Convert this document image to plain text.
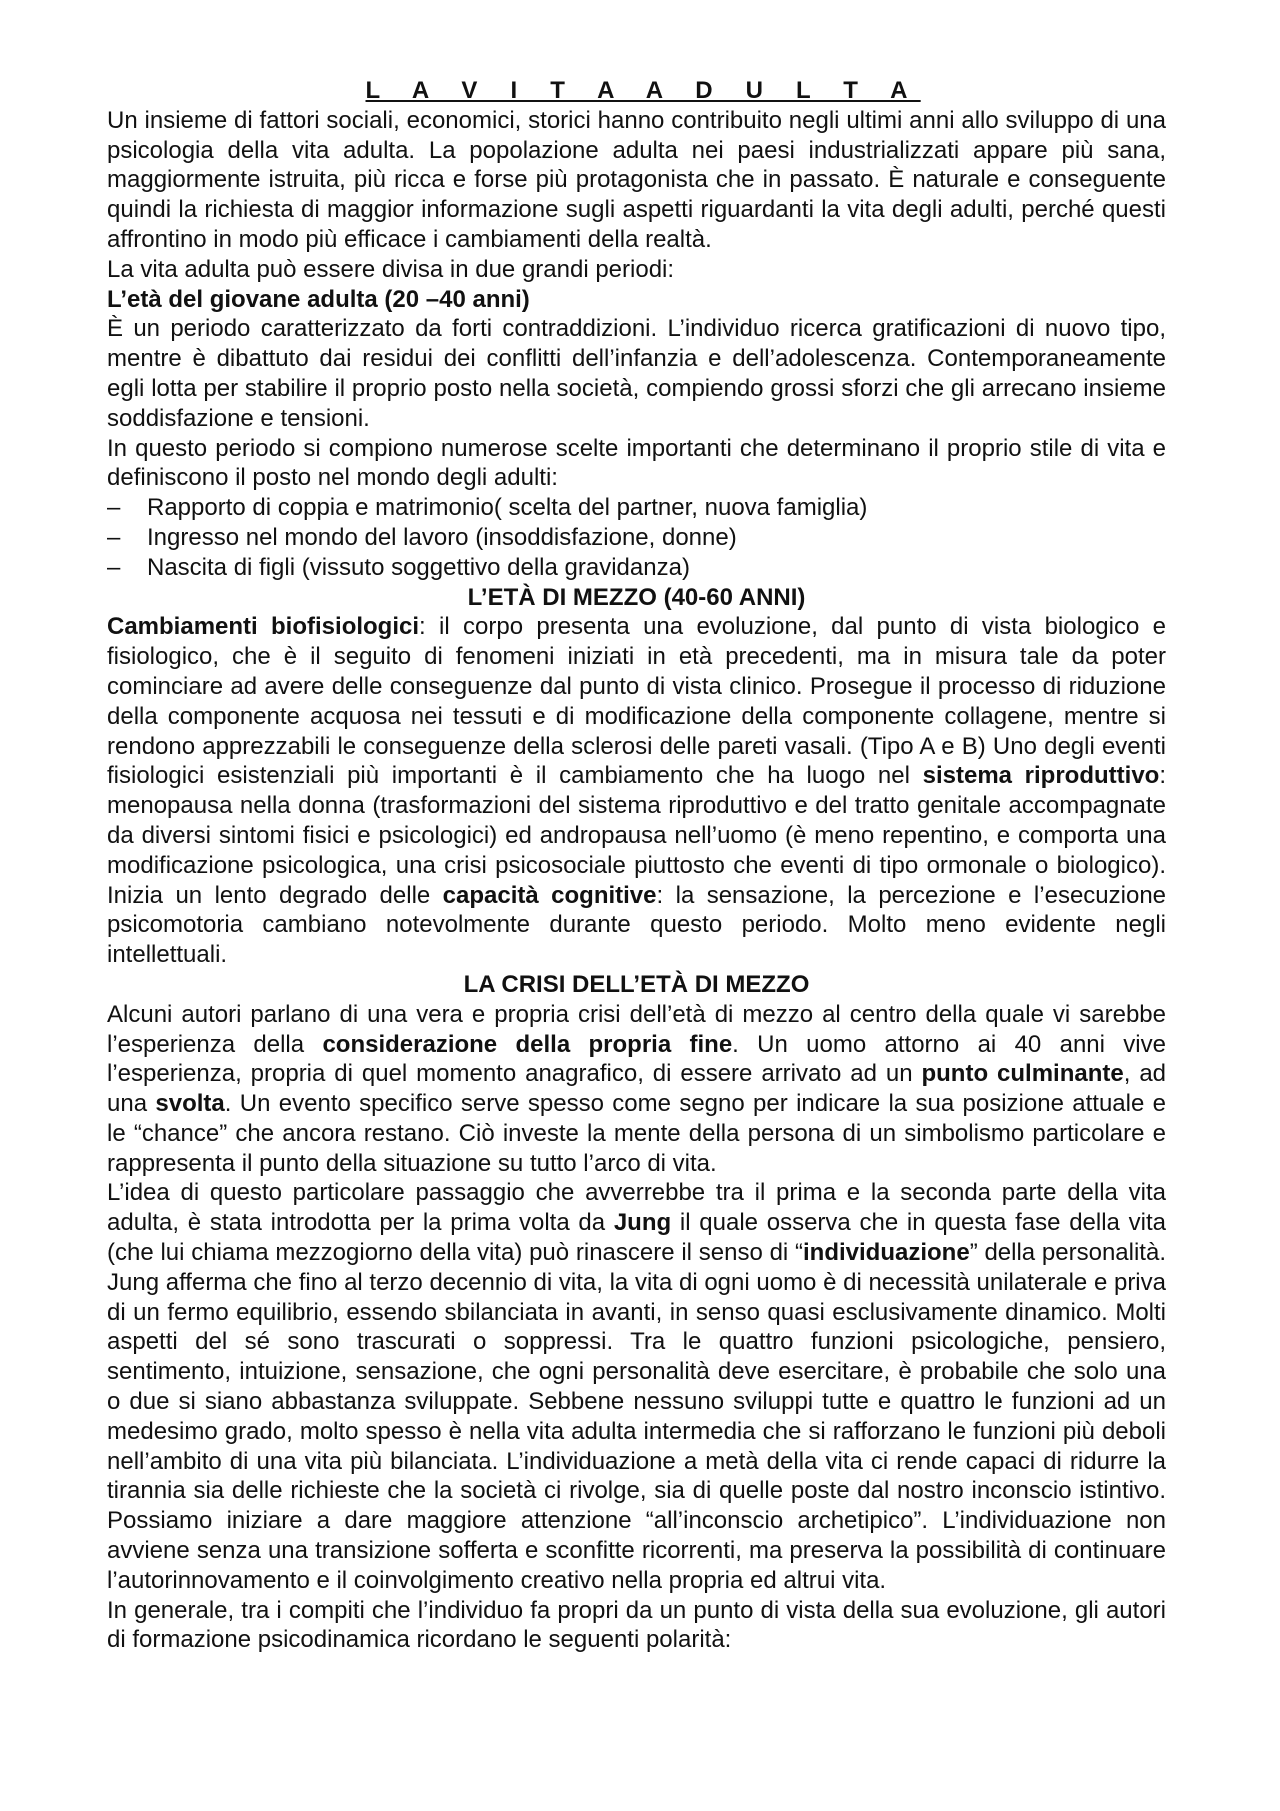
L A V I T A A D U L T A

Un insieme di fattori sociali, economici, storici hanno contribuito negli ultimi anni allo sviluppo di una psicologia della vita adulta. La popolazione adulta nei paesi industrializzati appare più sana, maggiormente istruita, più ricca e forse più protagonista che in passato. È naturale e conseguente quindi la richiesta di maggior informazione sugli aspetti riguardanti la vita degli adulti, perché questi affrontino in modo più efficace i cambiamenti della realtà.

La vita adulta può essere divisa in due grandi periodi:

L’età del giovane adulta (20 –40 anni)

È un periodo caratterizzato da forti contraddizioni. L’individuo ricerca gratificazioni di nuovo tipo, mentre è dibattuto dai residui dei conflitti dell’infanzia e dell’adolescenza. Contemporaneamente egli lotta per stabilire il proprio posto nella società, compiendo grossi sforzi che gli arrecano insieme soddisfazione e tensioni.

In questo periodo si compiono numerose scelte importanti che determinano il proprio stile di vita e definiscono il posto nel mondo degli adulti:

– Rapporto di coppia e matrimonio( scelta del partner, nuova famiglia)
– Ingresso nel mondo del lavoro (insoddisfazione, donne)
– Nascita di figli (vissuto soggettivo della gravidanza)

L’ETÀ DI MEZZO (40-60 ANNI)

Cambiamenti biofisiologici: il corpo presenta una evoluzione, dal punto di vista biologico e fisiologico, che è il seguito di fenomeni iniziati in età precedenti, ma in misura tale da poter cominciare ad avere delle conseguenze dal punto di vista clinico. Prosegue il processo di riduzione della componente acquosa nei tessuti e di modificazione della componente collagene, mentre si rendono apprezzabili le conseguenze della sclerosi delle pareti vasali. (Tipo A e B) Uno degli eventi fisiologici esistenziali più importanti è il cambiamento che ha luogo nel sistema riproduttivo: menopausa nella donna (trasformazioni del sistema riproduttivo e del tratto genitale accompagnate da diversi sintomi fisici e psicologici) ed andropausa nell’uomo (è meno repentino, e comporta una modificazione psicologica, una crisi psicosociale piuttosto che eventi di tipo ormonale o biologico). Inizia un lento degrado delle capacità cognitive: la sensazione, la percezione e l’esecuzione psicomotoria cambiano notevolmente durante questo periodo. Molto meno evidente negli intellettuali.

LA CRISI DELL’ETÀ DI MEZZO

Alcuni autori parlano di una vera e propria crisi dell’età di mezzo al centro della quale vi sarebbe l’esperienza della considerazione della propria fine. Un uomo attorno ai 40 anni vive l’esperienza, propria di quel momento anagrafico, di essere arrivato ad un punto culminante, ad una svolta. Un evento specifico serve spesso come segno per indicare la sua posizione attuale e le “chance” che ancora restano. Ciò investe la mente della persona di un simbolismo particolare e rappresenta il punto della situazione su tutto l’arco di vita.

L’idea di questo particolare passaggio che avverrebbe tra il prima e la seconda parte della vita adulta, è stata introdotta per la prima volta da Jung il quale osserva che in questa fase della vita (che lui chiama mezzogiorno della vita) può rinascere il senso di “individuazione” della personalità. Jung afferma che fino al terzo decennio di vita, la vita di ogni uomo è di necessità unilaterale e priva di un fermo equilibrio, essendo sbilanciata in avanti, in senso quasi esclusivamente dinamico. Molti aspetti del sé sono trascurati o soppressi. Tra le quattro funzioni psicologiche, pensiero, sentimento, intuizione, sensazione, che ogni personalità deve esercitare, è probabile che solo una o due si siano abbastanza sviluppate. Sebbene nessuno sviluppi tutte e quattro le funzioni ad un medesimo grado, molto spesso è nella vita adulta intermedia che si rafforzano le funzioni più deboli nell’ambito di una vita più bilanciata. L’individuazione a metà della vita ci rende capaci di ridurre la tirannia sia delle richieste che la società ci rivolge, sia di quelle poste dal nostro inconscio istintivo. Possiamo iniziare a dare maggiore attenzione “all’inconscio archetipico”. L’individuazione non avviene senza una transizione sofferta e sconfitte ricorrenti, ma preserva la possibilità di continuare l’autorinnovamento e il coinvolgimento creativo nella propria ed altrui vita.

In generale, tra i compiti che l’individuo fa propri da un punto di vista della sua evoluzione, gli autori di formazione psicodinamica ricordano le seguenti polarità:
